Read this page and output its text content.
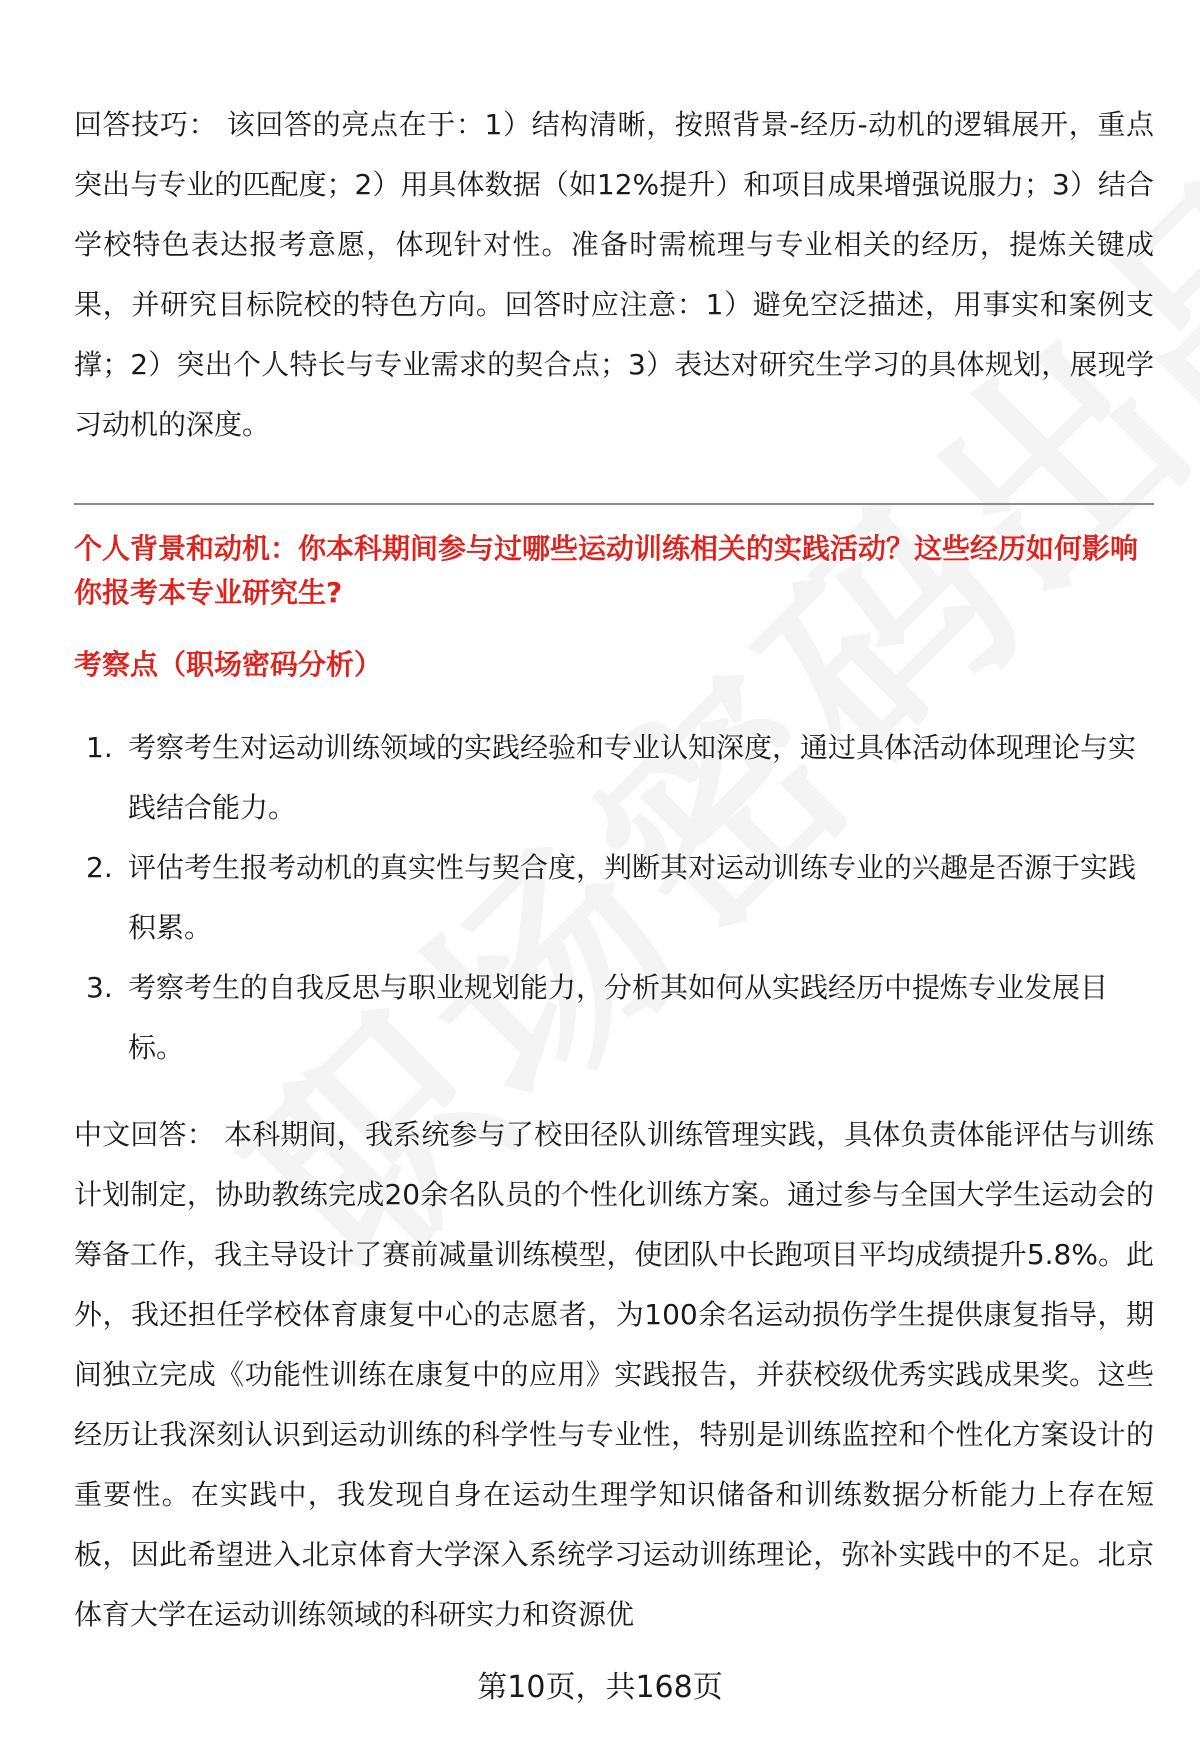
回答技巧： 该回答的亮点在于：1）结构清晰，按照背景-经历-动机的逻辑展开，重点突出与专业的匹配度；2）用具体数据（如12%提升）和项目成果增强说服力；3）结合学校特色表达报考意愿，体现针对性。准备时需梳理与专业相关的经历，提炼关键成果，并研究目标院校的特色方向。回答时应注意：1）避免空泛描述，用事实和案例支撑；2）突出个人特长与专业需求的契合点；3）表达对研究生学习的具体规划，展现学习动机的深度。

个人背景和动机：你本科期间参与过哪些运动训练相关的实践活动？这些经历如何影响你报考本专业研究生?

考察点（职场密码分析）

1. 考察考生对运动训练领域的实践经验和专业认知深度，通过具体活动体现理论与实践结合能力。
2. 评估考生报考动机的真实性与契合度，判断其对运动训练专业的兴趣是否源于实践积累。
3. 考察考生的自我反思与职业规划能力，分析其如何从实践经历中提炼专业发展目标。

中文回答： 本科期间，我系统参与了校田径队训练管理实践，具体负责体能评估与训练计划制定，协助教练完成20余名队员的个性化训练方案。通过参与全国大学生运动会的筹备工作，我主导设计了赛前减量训练模型，使团队中长跑项目平均成绩提升5.8%。此外，我还担任学校体育康复中心的志愿者，为100余名运动损伤学生提供康复指导，期间独立完成《功能性训练在康复中的应用》实践报告，并获校级优秀实践成果奖。这些经历让我深刻认识到运动训练的科学性与专业性，特别是训练监控和个性化方案设计的重要性。在实践中，我发现自身在运动生理学知识储备和训练数据分析能力上存在短板，因此希望进入北京体育大学深入系统学习运动训练理论，弥补实践中的不足。北京体育大学在运动训练领域的科研实力和资源优

第10页，共168页
